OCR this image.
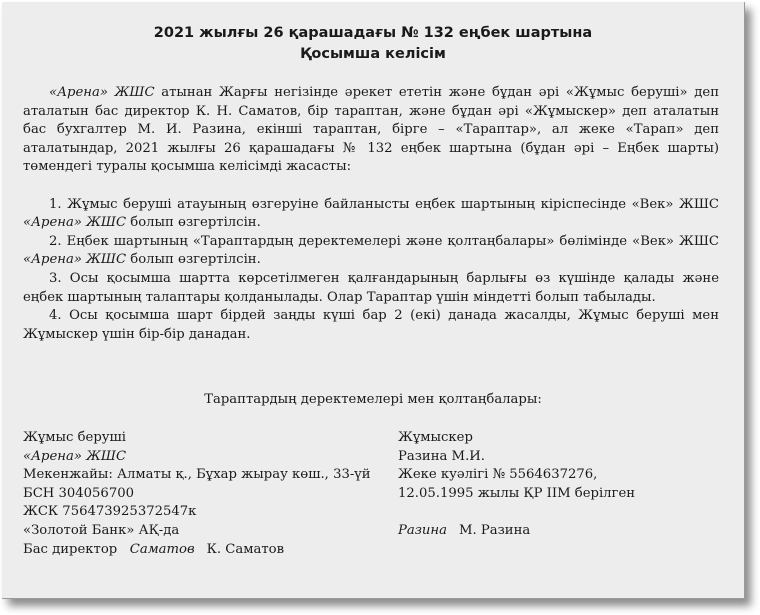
2021 жылғы 26 қарашадағы № 132 еңбек шартына
Қосымша келісім

«Арена» ЖШС атынан Жарғы негізінде әрекет ететін және бұдан әрі «Жұмыс беруші» деп аталатын бас директор К. Н. Саматов, бір тараптан, және бұдан әрі «Жұмыскер» деп аталатын бас бухгалтер М. И. Разина, екінші тараптан, бірге – «Тараптар», ал жеке «Тарап» деп аталатындар, 2021 жылғы 26 қарашадағы № 132 еңбек шартына (бұдан әрі – Еңбек шарты) төмендегі туралы қосымша келісімді жасасты:

1. Жұмыс беруші атауының өзгеруіне байланысты еңбек шартының кіріспесінде «Век» ЖШС «Арена» ЖШС болып өзгертілсін.

2. Еңбек шартының «Тараптардың деректемелері және қолтаңбалары» бөлімінде «Век» ЖШС «Арена» ЖШС болып өзгертілсін.

3. Осы қосымша шартта көрсетілмеген қалғандарының барлығы өз күшінде қалады және еңбек шартының талаптары қолданылады. Олар Тараптар үшін міндетті болып табылады.

4. Осы қосымша шарт бірдей заңды күші бар 2 (екі) данада жасалды, Жұмыс беруші мен Жұмыскер үшін бір-бір данадан.

Тараптардың деректемелері мен қолтаңбалары:
Жұмыс беруші
«Арена» ЖШС
Мекенжайы: Алматы қ., Бұхар жырау көш., 33-үй
БСН 304056700
ЖСК 756473925372547к
«Золотой Банк» АҚ-да
Бас директор Саматов К. Саматов
Жұмыскер
Разина М.И.
Жеке куәлігі № 5564637276,
12.05.1995 жылы ҚР ІІМ берілген
Разина М. Разина
